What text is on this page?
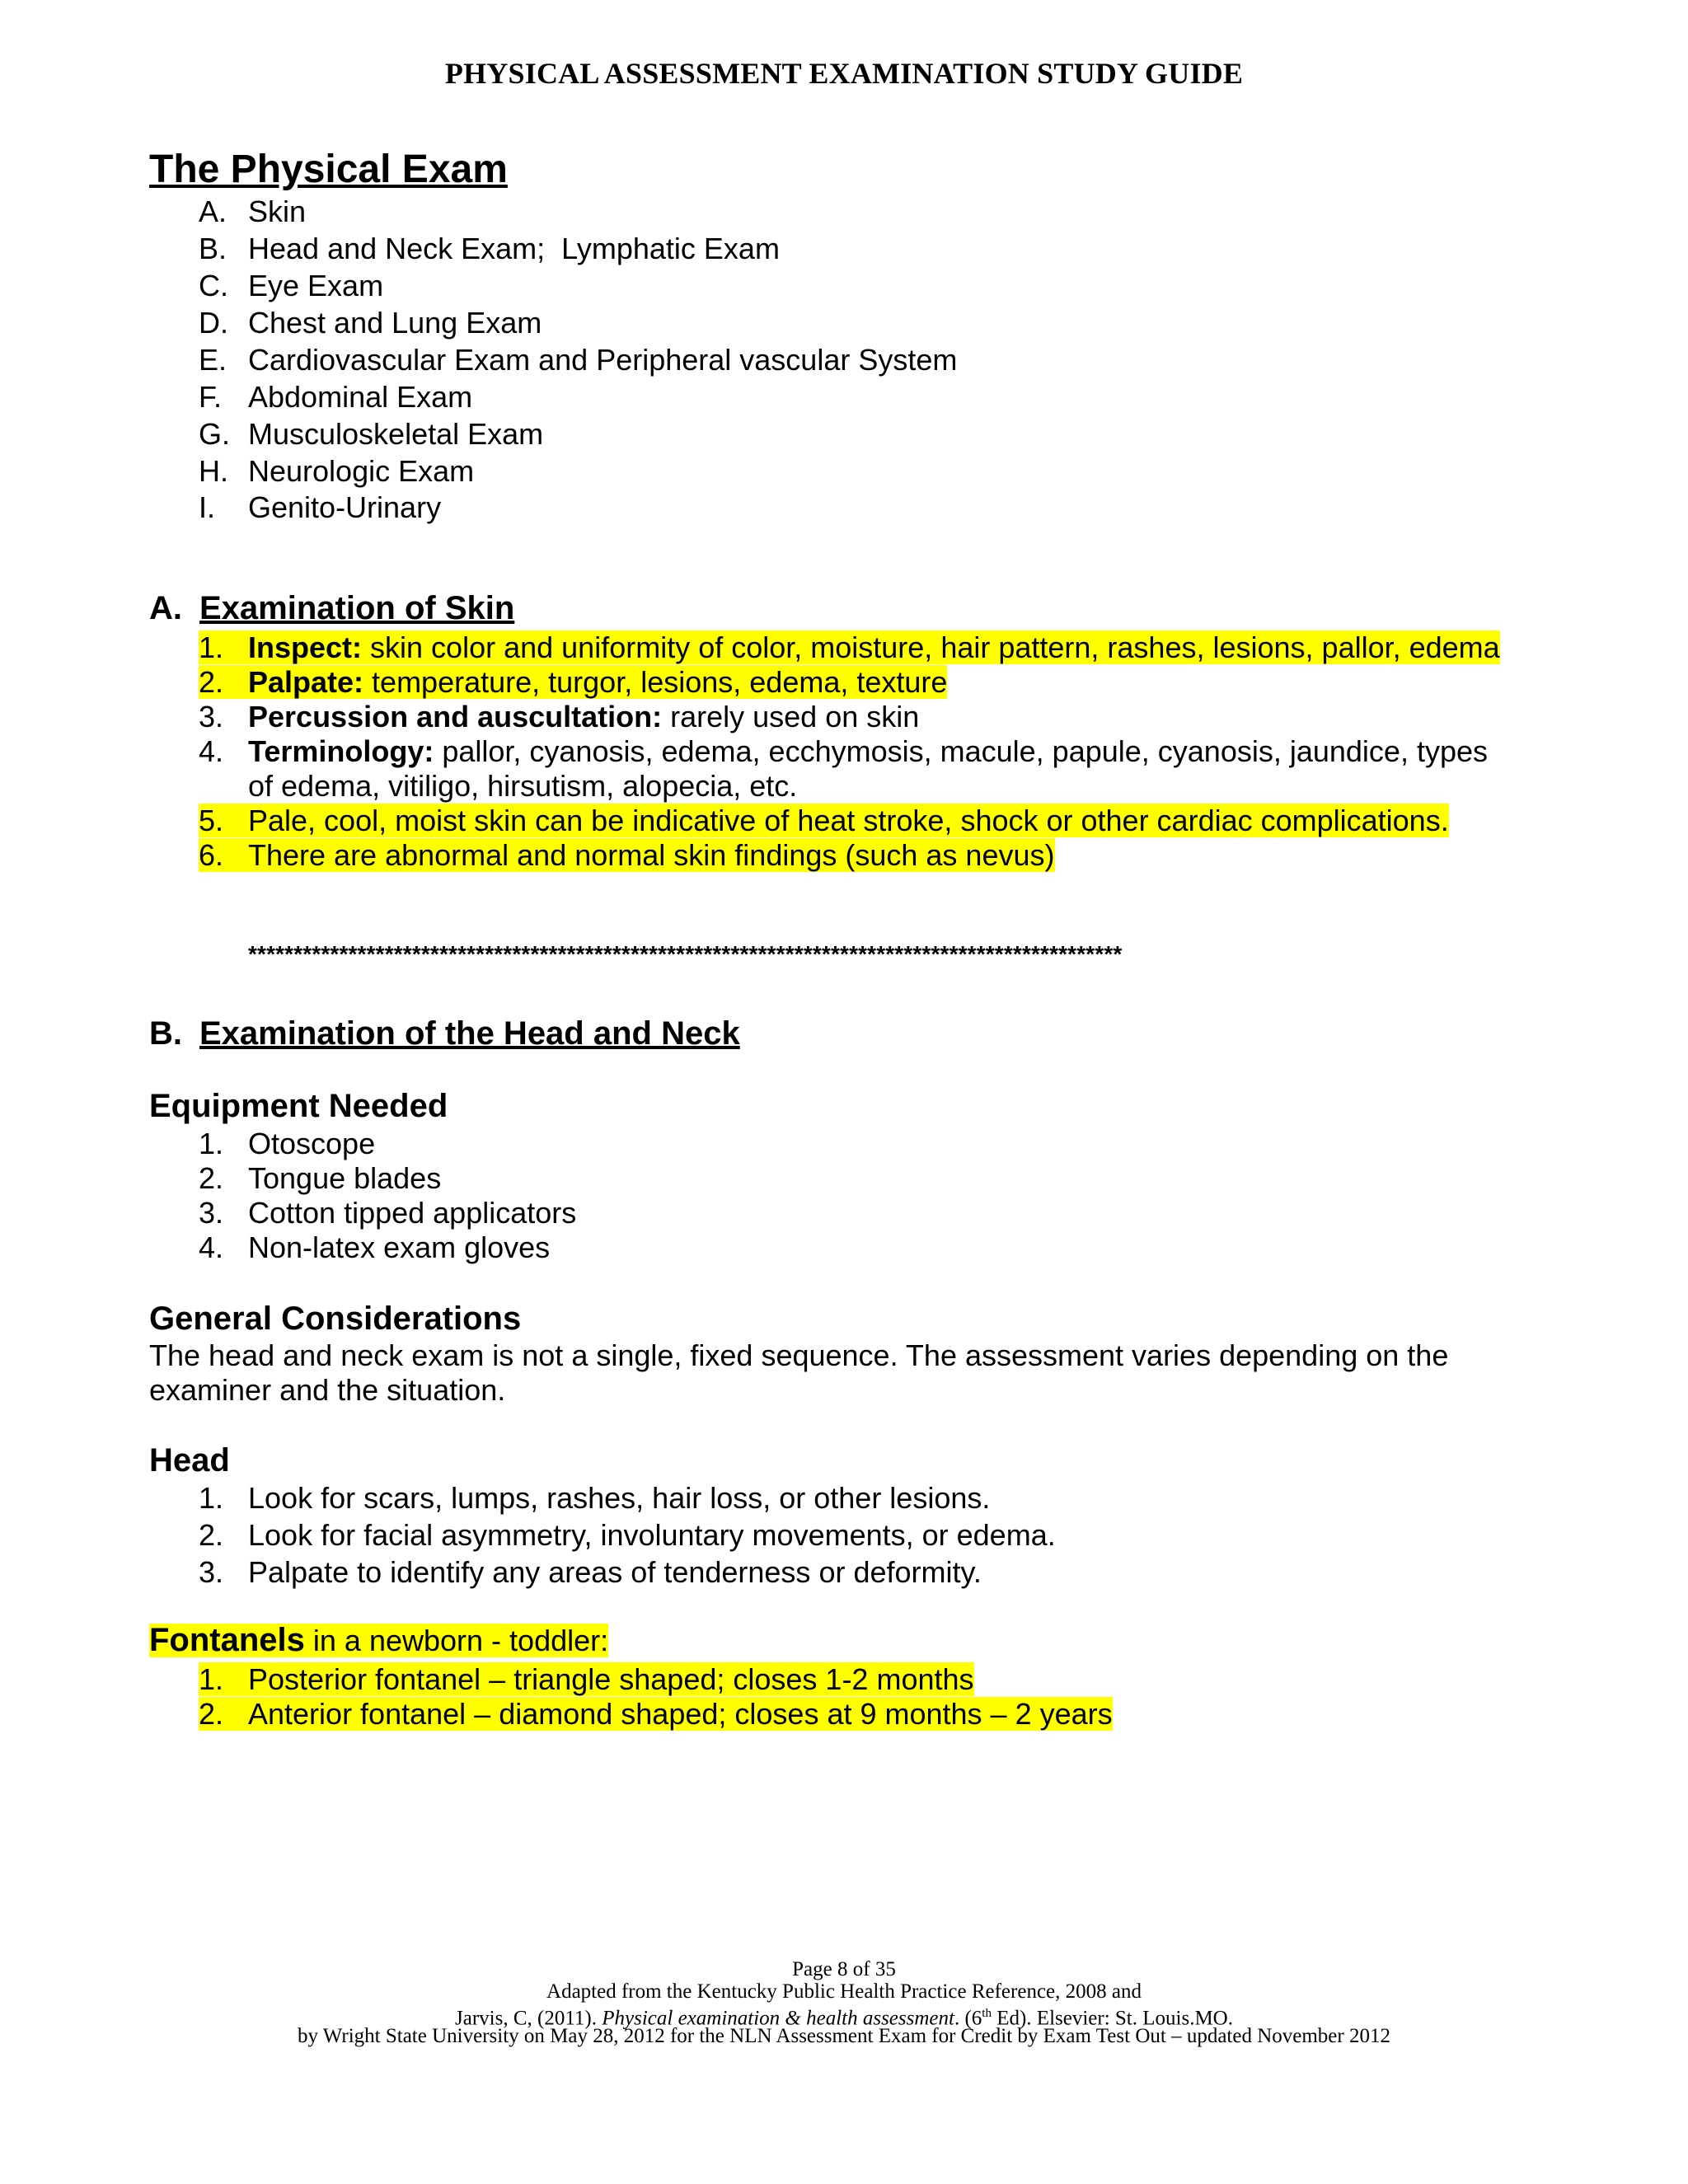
PHYSICAL ASSESSMENT EXAMINATION STUDY GUIDE
The Physical Exam
A. Skin
B. Head and Neck Exam;  Lymphatic Exam
C. Eye Exam
D. Chest and Lung Exam
E. Cardiovascular Exam and Peripheral vascular System
F. Abdominal Exam
G. Musculoskeletal Exam
H. Neurologic Exam
I. Genito-Urinary
A. Examination of Skin
1. Inspect: skin color and uniformity of color, moisture, hair pattern, rashes, lesions, pallor, edema
2. Palpate: temperature, turgor, lesions, edema, texture
3. Percussion and auscultation: rarely used on skin
4. Terminology: pallor, cyanosis, edema, ecchymosis, macule, papule, cyanosis, jaundice, types
of edema, vitiligo, hirsutism, alopecia, etc.
5. Pale, cool, moist skin can be indicative of heat stroke, shock or other cardiac complications.
6. There are abnormal and normal skin findings (such as nevus)
************************************************************************************************
B. Examination of the Head and Neck
Equipment Needed
1. Otoscope
2. Tongue blades
3. Cotton tipped applicators
4. Non-latex exam gloves
General Considerations
The head and neck exam is not a single, fixed sequence. The assessment varies depending on the
examiner and the situation.
Head
1. Look for scars, lumps, rashes, hair loss, or other lesions.
2. Look for facial asymmetry, involuntary movements, or edema.
3. Palpate to identify any areas of tenderness or deformity.
Fontanels in a newborn - toddler:
1. Posterior fontanel – triangle shaped; closes 1-2 months
2. Anterior fontanel – diamond shaped; closes at 9 months – 2 years
Page 8 of 35
Adapted from the Kentucky Public Health Practice Reference, 2008 and
Jarvis, C, (2011). Physical examination & health assessment. (6th Ed). Elsevier: St. Louis.MO.
by Wright State University on May 28, 2012 for the NLN Assessment Exam for Credit by Exam Test Out – updated November 2012
